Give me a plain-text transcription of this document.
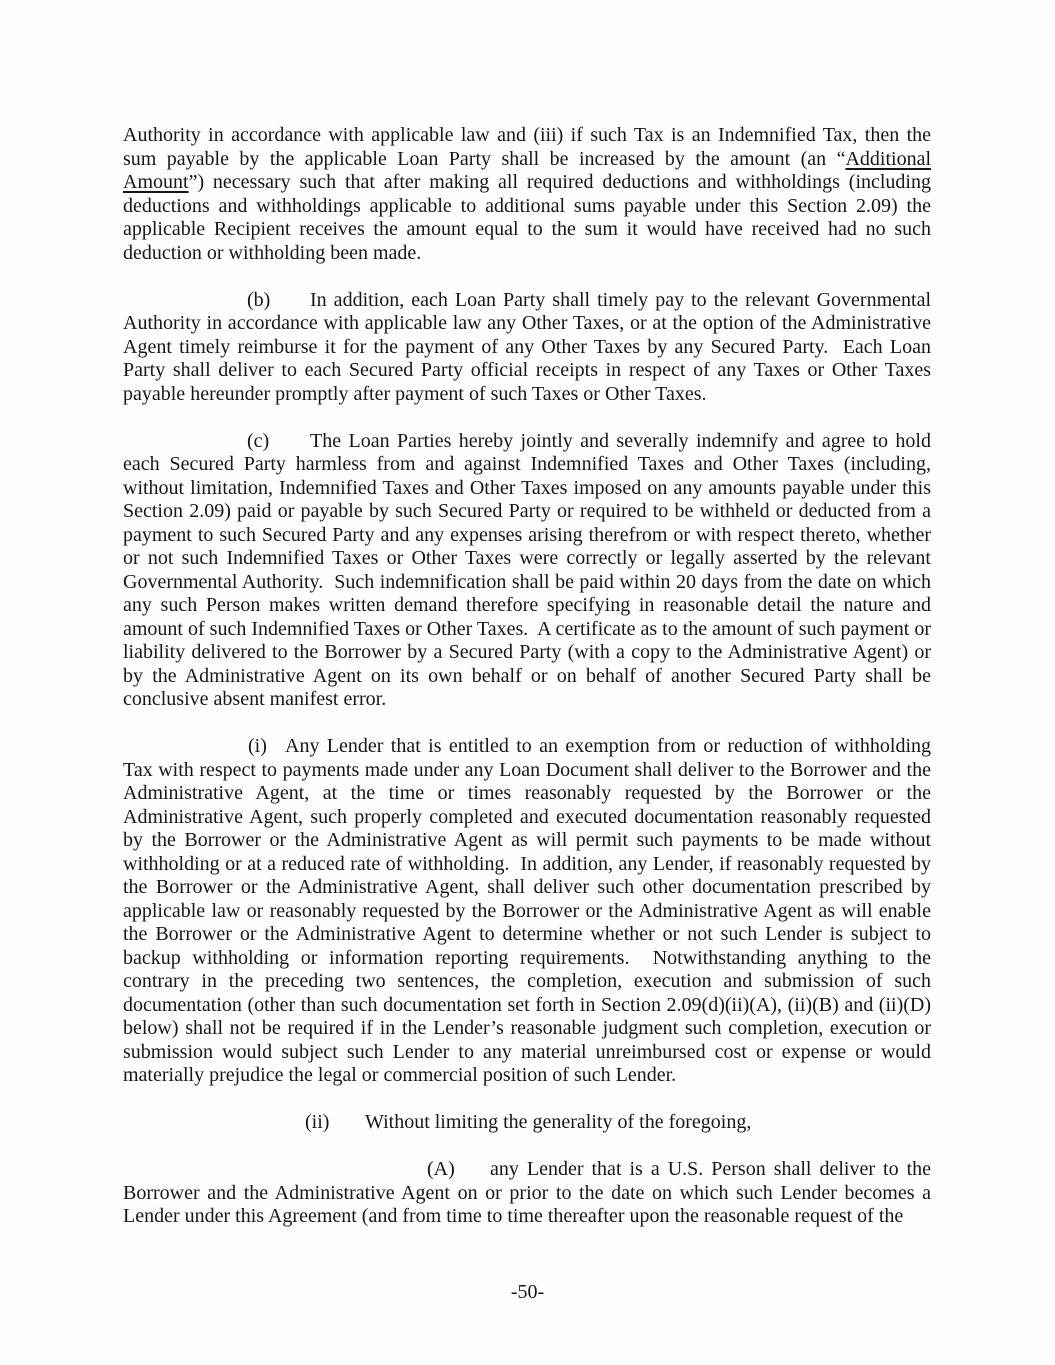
Authority in accordance with applicable law and (iii) if such Tax is an Indemnified Tax, then the sum payable by the applicable Loan Party shall be increased by the amount (an “Additional Amount”) necessary such that after making all required deductions and withholdings (including deductions and withholdings applicable to additional sums payable under this Section 2.09) the applicable Recipient receives the amount equal to the sum it would have received had no such deduction or withholding been made.

(b) In addition, each Loan Party shall timely pay to the relevant Governmental Authority in accordance with applicable law any Other Taxes, or at the option of the Administrative Agent timely reimburse it for the payment of any Other Taxes by any Secured Party.  Each Loan Party shall deliver to each Secured Party official receipts in respect of any Taxes or Other Taxes payable hereunder promptly after payment of such Taxes or Other Taxes.

(c) The Loan Parties hereby jointly and severally indemnify and agree to hold each Secured Party harmless from and against Indemnified Taxes and Other Taxes (including, without limitation, Indemnified Taxes and Other Taxes imposed on any amounts payable under this Section 2.09) paid or payable by such Secured Party or required to be withheld or deducted from a payment to such Secured Party and any expenses arising therefrom or with respect thereto, whether or not such Indemnified Taxes or Other Taxes were correctly or legally asserted by the relevant Governmental Authority.  Such indemnification shall be paid within 20 days from the date on which any such Person makes written demand therefore specifying in reasonable detail the nature and amount of such Indemnified Taxes or Other Taxes.  A certificate as to the amount of such payment or liability delivered to the Borrower by a Secured Party (with a copy to the Administrative Agent) or by the Administrative Agent on its own behalf or on behalf of another Secured Party shall be conclusive absent manifest error.

(i) Any Lender that is entitled to an exemption from or reduction of withholding Tax with respect to payments made under any Loan Document shall deliver to the Borrower and the Administrative Agent, at the time or times reasonably requested by the Borrower or the Administrative Agent, such properly completed and executed documentation reasonably requested by the Borrower or the Administrative Agent as will permit such payments to be made without withholding or at a reduced rate of withholding.  In addition, any Lender, if reasonably requested by the Borrower or the Administrative Agent, shall deliver such other documentation prescribed by applicable law or reasonably requested by the Borrower or the Administrative Agent as will enable the Borrower or the Administrative Agent to determine whether or not such Lender is subject to backup withholding or information reporting requirements.  Notwithstanding anything to the contrary in the preceding two sentences, the completion, execution and submission of such documentation (other than such documentation set forth in Section 2.09(d)(ii)(A), (ii)(B) and (ii)(D) below) shall not be required if in the Lender’s reasonable judgment such completion, execution or submission would subject such Lender to any material unreimbursed cost or expense or would materially prejudice the legal or commercial position of such Lender.

(ii) Without limiting the generality of the foregoing,

(A) any Lender that is a U.S. Person shall deliver to the Borrower and the Administrative Agent on or prior to the date on which such Lender becomes a Lender under this Agreement (and from time to time thereafter upon the reasonable request of the

-50-
